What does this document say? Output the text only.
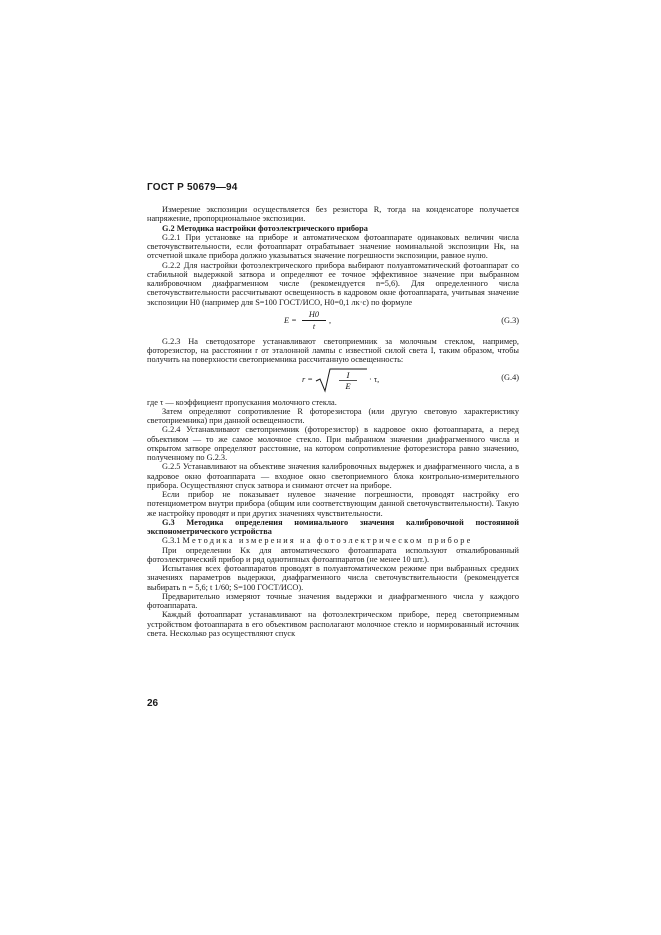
ГОСТ Р 50679—94

Измерение экспозиции осуществляется без резистора R, тогда на конденсаторе получается напряжение, пропорциональное экспозиции.

G.2 Методика настройки фотоэлектрического прибора

G.2.1 При установке на приборе и автоматическом фотоаппарате одинаковых величин числа светочувствительности, если фотоаппарат отрабатывает значение номинальной экспозиции Hк, на отсчетной шкале прибора должно указываться значение погрешности экспозиции, равное нулю.

G.2.2 Для настройки фотоэлектрического прибора выбирают полуавтоматический фотоаппарат со стабильной выдержкой затвора и определяют ее точное эффективное значение при выбранном калибровочном диафрагменном числе (рекомендуется n=5,6). Для определенного числа светочувствительности рассчитывают освещенность в кадровом окне фотоаппарата, учитывая значение экспозиции H0 (например для S=100 ГОСТ/ИСО, H0=0,1 лк·с) по формуле

E =
H0
t
,	(G.3)

G.2.3 На светодозаторе устанавливают светоприемник за молочным стеклом, например, фоторезистор, на расстоянии r от эталонной лампы с известной силой света I, таким образом, чтобы получить на поверхности светоприемника рассчитанную освещенность:

r =	I
E
· τ,	(G.4)

где τ — коэффициент пропускания молочного стекла.

Затем определяют сопротивление R фоторезистора (или другую световую характеристику светоприемника) при данной освещенности.

G.2.4 Устанавливают светоприемник (фоторезистор) в кадровое окно фотоаппарата, а перед объективом — то же самое молочное стекло. При выбранном значении диафрагменного числа и открытом затворе определяют расстояние, на котором сопротивление фоторезистора равно значению, полученному по G.2.3.

G.2.5 Устанавливают на объективе значения калибровочных выдержек и диафрагменного числа, а в кадровое окно фотоаппарата — входное окно светоприемного блока контрольно-измерительного прибора. Осуществляют спуск затвора и снимают отсчет на приборе.

Если прибор не показывает нулевое значение погрешности, проводят настройку его потенциометром внутри прибора (общим или соответствующим данной светочувствительности). Такую же настройку проводят и при других значениях чувствительности.

G.3 Методика определения номинального значения калибровочной постоянной экспонометрического устройства

G.3.1 Методика измерения на фотоэлектрическом приборе

При определении Kк для автоматического фотоаппарата используют откалиброванный фотоэлектрический прибор и ряд однотипных фотоаппаратов (не менее 10 шт.).

Испытания всех фотоаппаратов проводят в полуавтоматическом режиме при выбранных средних значениях параметров выдержки, диафрагменного числа светочувствительности (рекомендуется выбирать n = 5,6; t 1/60; S=100 ГОСТ/ИСО).

Предварительно измеряют точные значения выдержки и диафрагменного числа у каждого фотоаппарата.

Каждый фотоаппарат устанавливают на фотоэлектрическом приборе, перед светоприемным устройством фотоаппарата в его объективом располагают молочное стекло и нормированный источник света. Несколько раз осуществляют спуск

26
